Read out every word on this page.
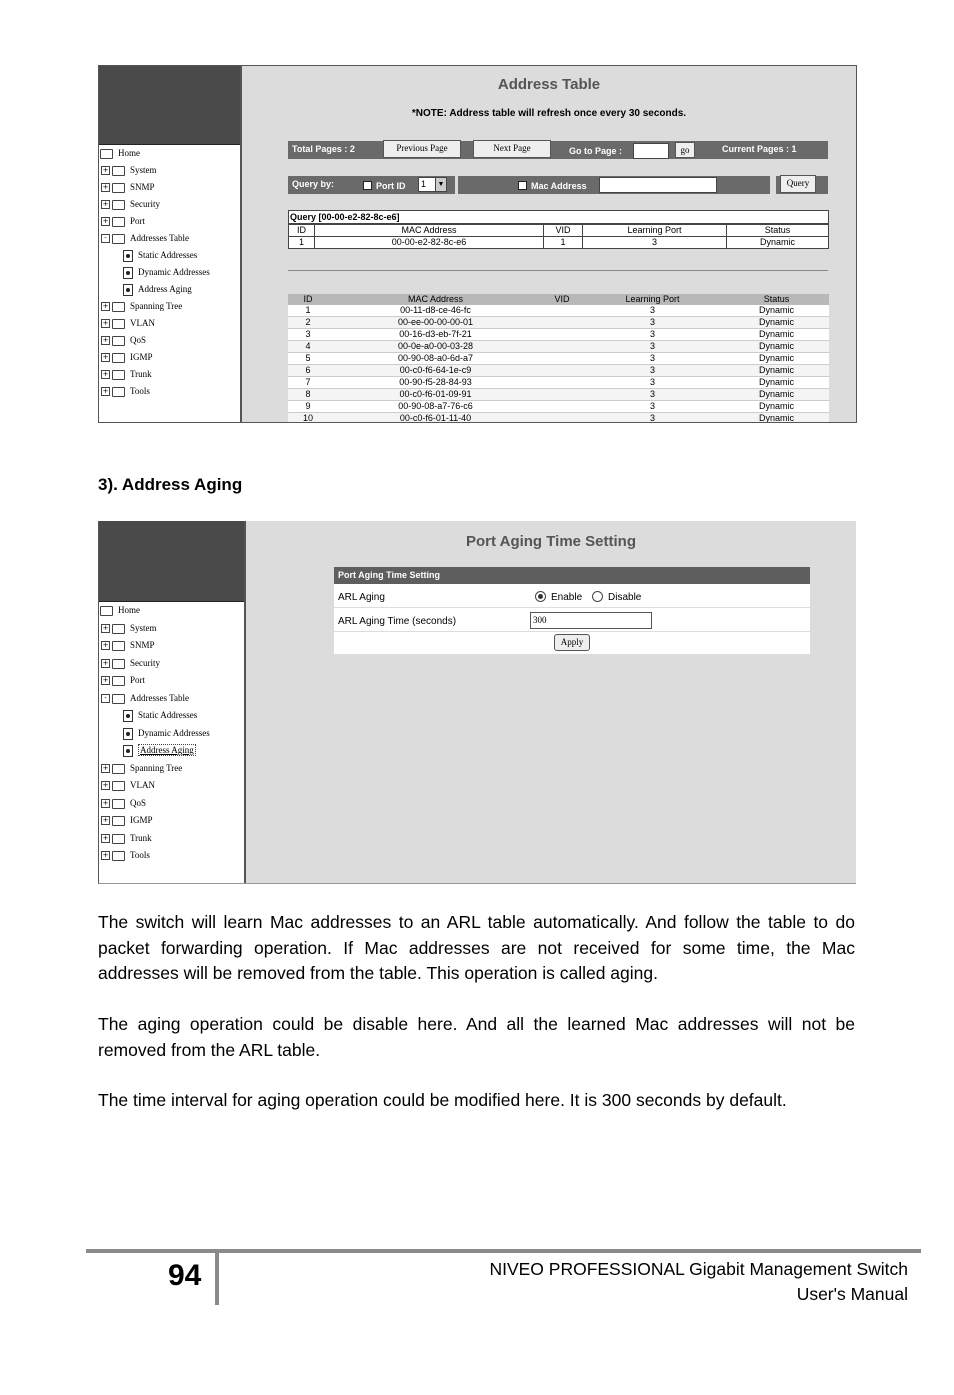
Home
+ System
+ SNMP
+ Security
+ Port
-	Addresses Table
Static Addresses
Dynamic Addresses
Address Aging
+ Spanning Tree
+ VLAN
+ QoS
+ IGMP
+ Trunk
+ Tools
Address Table
*NOTE: Address table will refresh once every 30 seconds.
Total Pages : 2	Previous Page	Next Page	Go to Page :	go	Current Pages : 1
Query by:	Port ID	1	▼	Mac Address	Query
Query [00-00-e2-82-8c-e6]
ID	MAC Address	VID	Learning Port	Status
1	00-00-e2-82-8c-e6	1	3	Dynamic
ID	MAC Address	VID	Learning Port	Status
1	00-11-d8-ce-46-fc		3	Dynamic
2	00-ee-00-00-00-01		3	Dynamic
3	00-16-d3-eb-7f-21		3	Dynamic
4	00-0e-a0-00-03-28		3	Dynamic
5	00-90-08-a0-6d-a7		3	Dynamic
6	00-c0-f6-64-1e-c9		3	Dynamic
7	00-90-f5-28-84-93		3	Dynamic
8	00-c0-f6-01-09-91		3	Dynamic
9	00-90-08-a7-76-c6		3	Dynamic
10	00-c0-f6-01-11-40		3	Dynamic
3). Address Aging
Home
+ System
+ SNMP
+ Security
+ Port
-	Addresses Table
Static Addresses
Dynamic Addresses
Address Aging
+ Spanning Tree
+ VLAN
+ QoS
+ IGMP
+ Trunk
+ Tools
Port Aging Time Setting
Port Aging Time Setting
ARL Aging	Enable	Disable
ARL Aging Time (seconds)	300
Apply
The switch will learn Mac addresses to an ARL table automatically. And follow the table to do packet forwarding operation. If Mac addresses are not received for some time, the Mac addresses will be removed from the table. This operation is called aging.
The aging operation could be disable here. And all the learned Mac addresses will not be removed from the ARL table.
The time interval for aging operation could be modified here. It is 300 seconds by default.
94	NIVEO PROFESSIONAL Gigabit Management Switch
User's Manual
